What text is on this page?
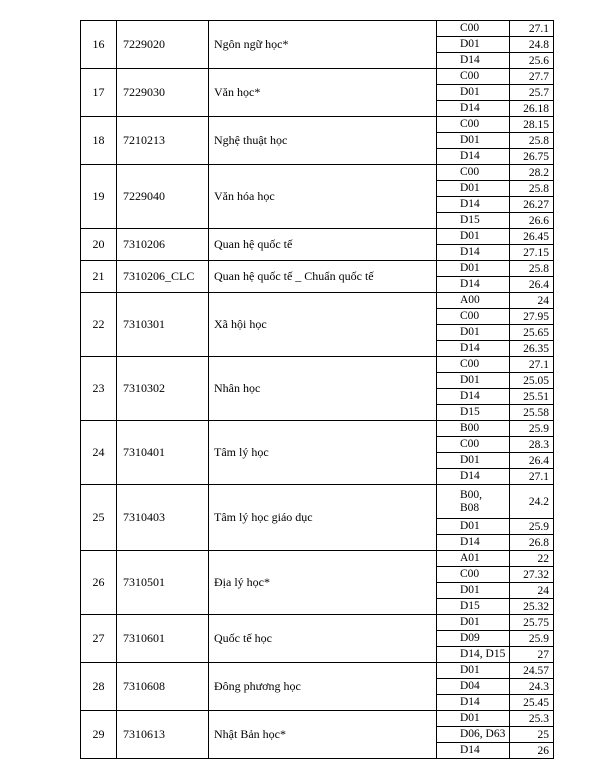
16	7229020	Ngôn ngữ học*	C00	27.1
			D01	24.8
			D14	25.6
17	7229030	Văn học*	C00	27.7
			D01	25.7
			D14	26.18
18	7210213	Nghệ thuật học	C00	28.15
			D01	25.8
			D14	26.75
19	7229040	Văn hóa học	C00	28.2
			D01	25.8
			D14	26.27
			D15	26.6
20	7310206	Quan hệ quốc tế	D01	26.45
			D14	27.15
21	7310206_CLC	Quan hệ quốc tế _ Chuẩn quốc tế	D01	25.8
			D14	26.4
22	7310301	Xã hội học	A00	24
			C00	27.95
			D01	25.65
			D14	26.35
23	7310302	Nhân học	C00	27.1
			D01	25.05
			D14	25.51
			D15	25.58
24	7310401	Tâm lý học	B00	25.9
			C00	28.3
			D01	26.4
			D14	27.1
25	7310403	Tâm lý học giáo dục	B00,
B08	24.2
			D01	25.9
			D14	26.8
26	7310501	Địa lý học*	A01	22
			C00	27.32
			D01	24
			D15	25.32
27	7310601	Quốc tế học	D01	25.75
			D09	25.9
			D14, D15	27
28	7310608	Đông phương học	D01	24.57
			D04	24.3
			D14	25.45
29	7310613	Nhật Bản học*	D01	25.3
			D06, D63	25
			D14	26
